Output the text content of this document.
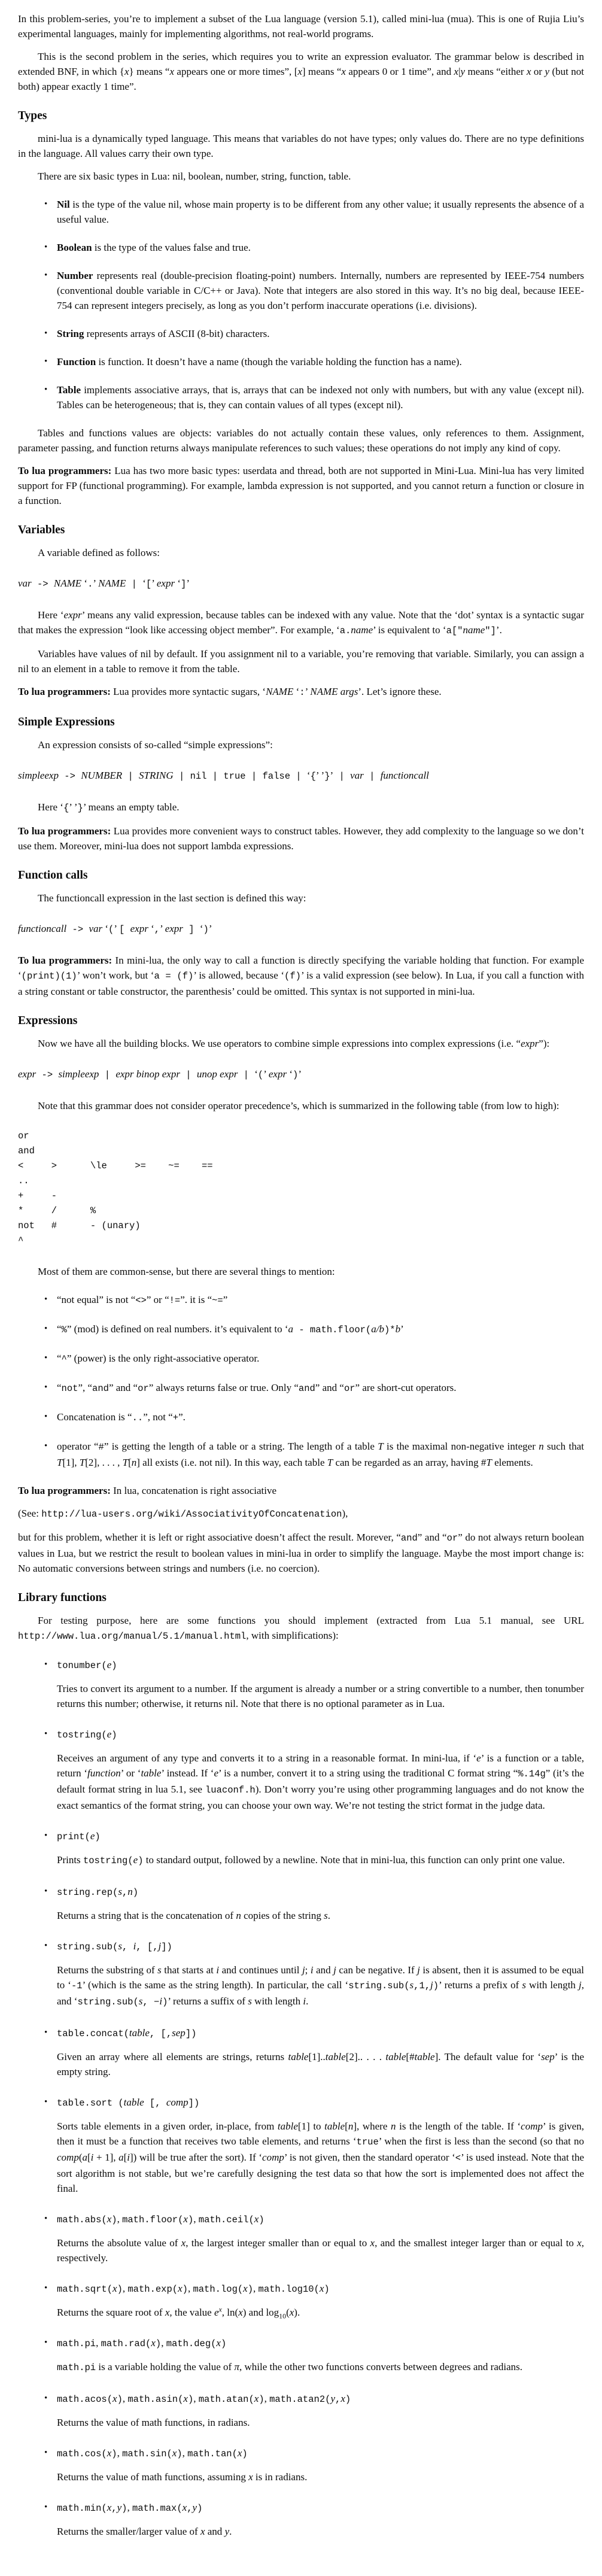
In this problem-series, you’re to implement a subset of the Lua language (version 5.1), called mini-lua (mua). This is one of Rujia Liu’s experimental languages, mainly for implementing algorithms, not real-world programs.

This is the second problem in the series, which requires you to write an expression evaluator. The grammar below is described in extended BNF, in which {x} means “x appears one or more times”, [x] means “x appears 0 or 1 time”, and x|y means “either x or y (but not both) appear exactly 1 time”.

Types

mini-lua is a dynamically typed language. This means that variables do not have types; only values do. There are no type definitions in the language. All values carry their own type.

There are six basic types in Lua: nil, boolean, number, string, function, table.

• Nil is the type of the value nil, whose main property is to be different from any other value; it usually represents the absence of a useful value.
• Boolean is the type of the values false and true.
• Number represents real (double-precision floating-point) numbers. Internally, numbers are represented by IEEE-754 numbers (conventional double variable in C/C++ or Java). Note that integers are also stored in this way. It’s no big deal, because IEEE-754 can represent integers precisely, as long as you don’t perform inaccurate operations (i.e. divisions).
• String represents arrays of ASCII (8-bit) characters.
• Function is function. It doesn’t have a name (though the variable holding the function has a name).
• Table implements associative arrays, that is, arrays that can be indexed not only with numbers, but with any value (except nil). Tables can be heterogeneous; that is, they can contain values of all types (except nil).

Tables and functions values are objects: variables do not actually contain these values, only references to them. Assignment, parameter passing, and function returns always manipulate references to such values; these operations do not imply any kind of copy.

To lua programmers: Lua has two more basic types: userdata and thread, both are not supported in Mini-Lua. Mini-lua has very limited support for FP (functional programming). For example, lambda expression is not supported, and you cannot return a function or closure in a function.

Variables

A variable defined as follows:

var -> NAME ‘.’ NAME | ‘[’ expr ‘]’

Here ‘expr’ means any valid expression, because tables can be indexed with any value. Note that the ‘dot’ syntax is a syntactic sugar that makes the expression “look like accessing object member”. For example, ‘a.name’ is equivalent to ‘a["name"]’.

Variables have values of nil by default. If you assignment nil to a variable, you’re removing that variable. Similarly, you can assign a nil to an element in a table to remove it from the table.

To lua programmers: Lua provides more syntactic sugars, ‘NAME ‘:’ NAME args’. Let’s ignore these.

Simple Expressions

An expression consists of so-called “simple expressions”:

simpleexp -> NUMBER | STRING | nil | true | false | ‘{’ ’}’ | var | functioncall

Here ‘{’ ’}’ means an empty table.

To lua programmers: Lua provides more convenient ways to construct tables. However, they add complexity to the language so we don’t use them. Moreover, mini-lua does not support lambda expressions.

Function calls

The functioncall expression in the last section is defined this way:

functioncall -> var ‘(’ [ expr ‘,’ expr ] ‘)’

To lua programmers: In mini-lua, the only way to call a function is directly specifying the variable holding that function. For example ‘(print)(1)’ won’t work, but ‘a = (f)’ is allowed, because ‘(f)’ is a valid expression (see below). In Lua, if you call a function with a string constant or table constructor, the parenthesis’ could be omitted. This syntax is not supported in mini-lua.

Expressions

Now we have all the building blocks. We use operators to combine simple expressions into complex expressions (i.e. “expr”):

expr -> simpleexp | expr binop expr | unop expr | ‘(’ expr ‘)’

Note that this grammar does not consider operator precedence’s, which is summarized in the following table (from low to high):

or
and
<     >      \le     >=    ~=    ==
..
+     -
*     /      %
not   #      - (unary)
^

Most of them are common-sense, but there are several things to mention:

• “not equal” is not “<>” or “!=”. it is “~=”
• “%” (mod) is defined on real numbers. it’s equivalent to ‘a - math.floor(a/b)*b’
• “^” (power) is the only right-associative operator.
• “not”, “and” and “or” always returns false or true. Only “and” and “or” are short-cut operators.
• Concatenation is “..”, not “+”.
• operator “#” is getting the length of a table or a string. The length of a table T is the maximal non-negative integer n such that T[1], T[2], . . . , T[n] all exists (i.e. not nil). In this way, each table T can be regarded as an array, having #T elements.

To lua programmers: In lua, concatenation is right associative

(See: http://lua-users.org/wiki/AssociativityOfConcatenation),

but for this problem, whether it is left or right associative doesn’t affect the result. Morever, “and” and “or” do not always return boolean values in Lua, but we restrict the result to boolean values in mini-lua in order to simplify the language. Maybe the most import change is: No automatic conversions between strings and numbers (i.e. no coercion).

Library functions

For testing purpose, here are some functions you should implement (extracted from Lua 5.1 manual, see URL http://www.lua.org/manual/5.1/manual.html, with simplifications):

• tonumber(e)

Tries to convert its argument to a number. If the argument is already a number or a string convertible to a number, then tonumber returns this number; otherwise, it returns nil. Note that there is no optional parameter as in Lua.

• tostring(e)

Receives an argument of any type and converts it to a string in a reasonable format. In mini-lua, if ‘e’ is a function or a table, return ‘function’ or ‘table’ instead. If ‘e’ is a number, convert it to a string using the traditional C format string “%.14g” (it’s the default format string in lua 5.1, see luaconf.h). Don’t worry you’re using other programming languages and do not know the exact semantics of the format string, you can choose your own way. We’re not testing the strict format in the judge data.

• print(e)

Prints tostring(e) to standard output, followed by a newline. Note that in mini-lua, this function can only print one value.

• string.rep(s,n)

Returns a string that is the concatenation of n copies of the string s.

• string.sub(s, i, [,j])

Returns the substring of s that starts at i and continues until j; i and j can be negative. If j is absent, then it is assumed to be equal to ‘-1’ (which is the same as the string length). In particular, the call ‘string.sub(s,1,j)’ returns a prefix of s with length j, and ‘string.sub(s, −i)’ returns a suffix of s with length i.

• table.concat(table, [,sep])

Given an array where all elements are strings, returns table[1]..table[2].. . . . table[#table]. The default value for ‘sep’ is the empty string.

• table.sort (table [, comp])

Sorts table elements in a given order, in-place, from table[1] to table[n], where n is the length of the table. If ‘comp’ is given, then it must be a function that receives two table elements, and returns ‘true’ when the first is less than the second (so that no comp(a[i + 1], a[i]) will be true after the sort). If ‘comp’ is not given, then the standard operator ‘<’ is used instead. Note that the sort algorithm is not stable, but we’re carefully designing the test data so that how the sort is implemented does not affect the final.

• math.abs(x), math.floor(x), math.ceil(x)

Returns the absolute value of x, the largest integer smaller than or equal to x, and the smallest integer larger than or equal to x, respectively.

• math.sqrt(x), math.exp(x), math.log(x), math.log10(x)

Returns the square root of x, the value $e^x$, ln(x) and $\log_{10}(x)$.

• math.pi, math.rad(x), math.deg(x)

math.pi is a variable holding the value of π, while the other two functions converts between degrees and radians.

• math.acos(x), math.asin(x), math.atan(x), math.atan2(y,x)

Returns the value of math functions, in radians.

• math.cos(x), math.sin(x), math.tan(x)

Returns the value of math functions, assuming x is in radians.

• math.min(x,y), math.max(x,y)

Returns the smaller/larger value of x and y.
